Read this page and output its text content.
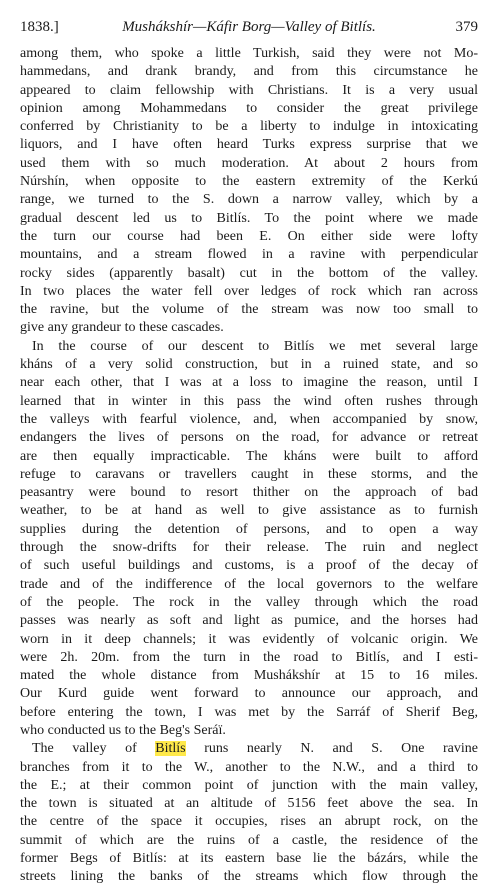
1838.]	Mushákshír—Káfir Borg—Valley of Bitlís.	379
among them, who spoke a little Turkish, said they were not Mo-
hammedans, and drank brandy, and from this circumstance he
appeared to claim fellowship with Christians. It is a very usual
opinion among Mohammedans to consider the great privilege
conferred by Christianity to be a liberty to indulge in intoxicating
liquors, and I have often heard Turks express surprise that we
used them with so much moderation. At about 2 hours from
Núrshín, when opposite to the eastern extremity of the Kerkú
range, we turned to the S. down a narrow valley, which by a
gradual descent led us to Bitlís. To the point where we made
the turn our course had been E. On either side were lofty
mountains, and a stream flowed in a ravine with perpendicular
rocky sides (apparently basalt) cut in the bottom of the valley.
In two places the water fell over ledges of rock which ran across
the ravine, but the volume of the stream was now too small to
give any grandeur to these cascades.
In the course of our descent to Bitlís we met several large
kháns of a very solid construction, but in a ruined state, and so
near each other, that I was at a loss to imagine the reason, until I
learned that in winter in this pass the wind often rushes through
the valleys with fearful violence, and, when accompanied by snow,
endangers the lives of persons on the road, for advance or retreat
are then equally impracticable. The kháns were built to afford
refuge to caravans or travellers caught in these storms, and the
peasantry were bound to resort thither on the approach of bad
weather, to be at hand as well to give assistance as to furnish
supplies during the detention of persons, and to open a way
through the snow-drifts for their release. The ruin and neglect
of such useful buildings and customs, is a proof of the decay of
trade and of the indifference of the local governors to the welfare
of the people. The rock in the valley through which the road
passes was nearly as soft and light as pumice, and the horses had
worn in it deep channels; it was evidently of volcanic origin. We
were 2h. 20m. from the turn in the road to Bitlís, and I esti-
mated the whole distance from Mushákshír at 15 to 16 miles.
Our Kurd guide went forward to announce our approach, and
before entering the town, I was met by the Sarráf of Sherif Beg,
who conducted us to the Beg's Seráï.
The valley of Bitlís runs nearly N. and S. One ravine
branches from it to the W., another to the N.W., and a third to
the E.; at their common point of junction with the main valley,
the town is situated at an altitude of 5156 feet above the sea. In
the centre of the space it occupies, rises an abrupt rock, on the
summit of which are the ruins of a castle, the residence of the
former Begs of Bitlís: at its eastern base lie the bázárs, while the
streets lining the banks of the streams which flow through the
